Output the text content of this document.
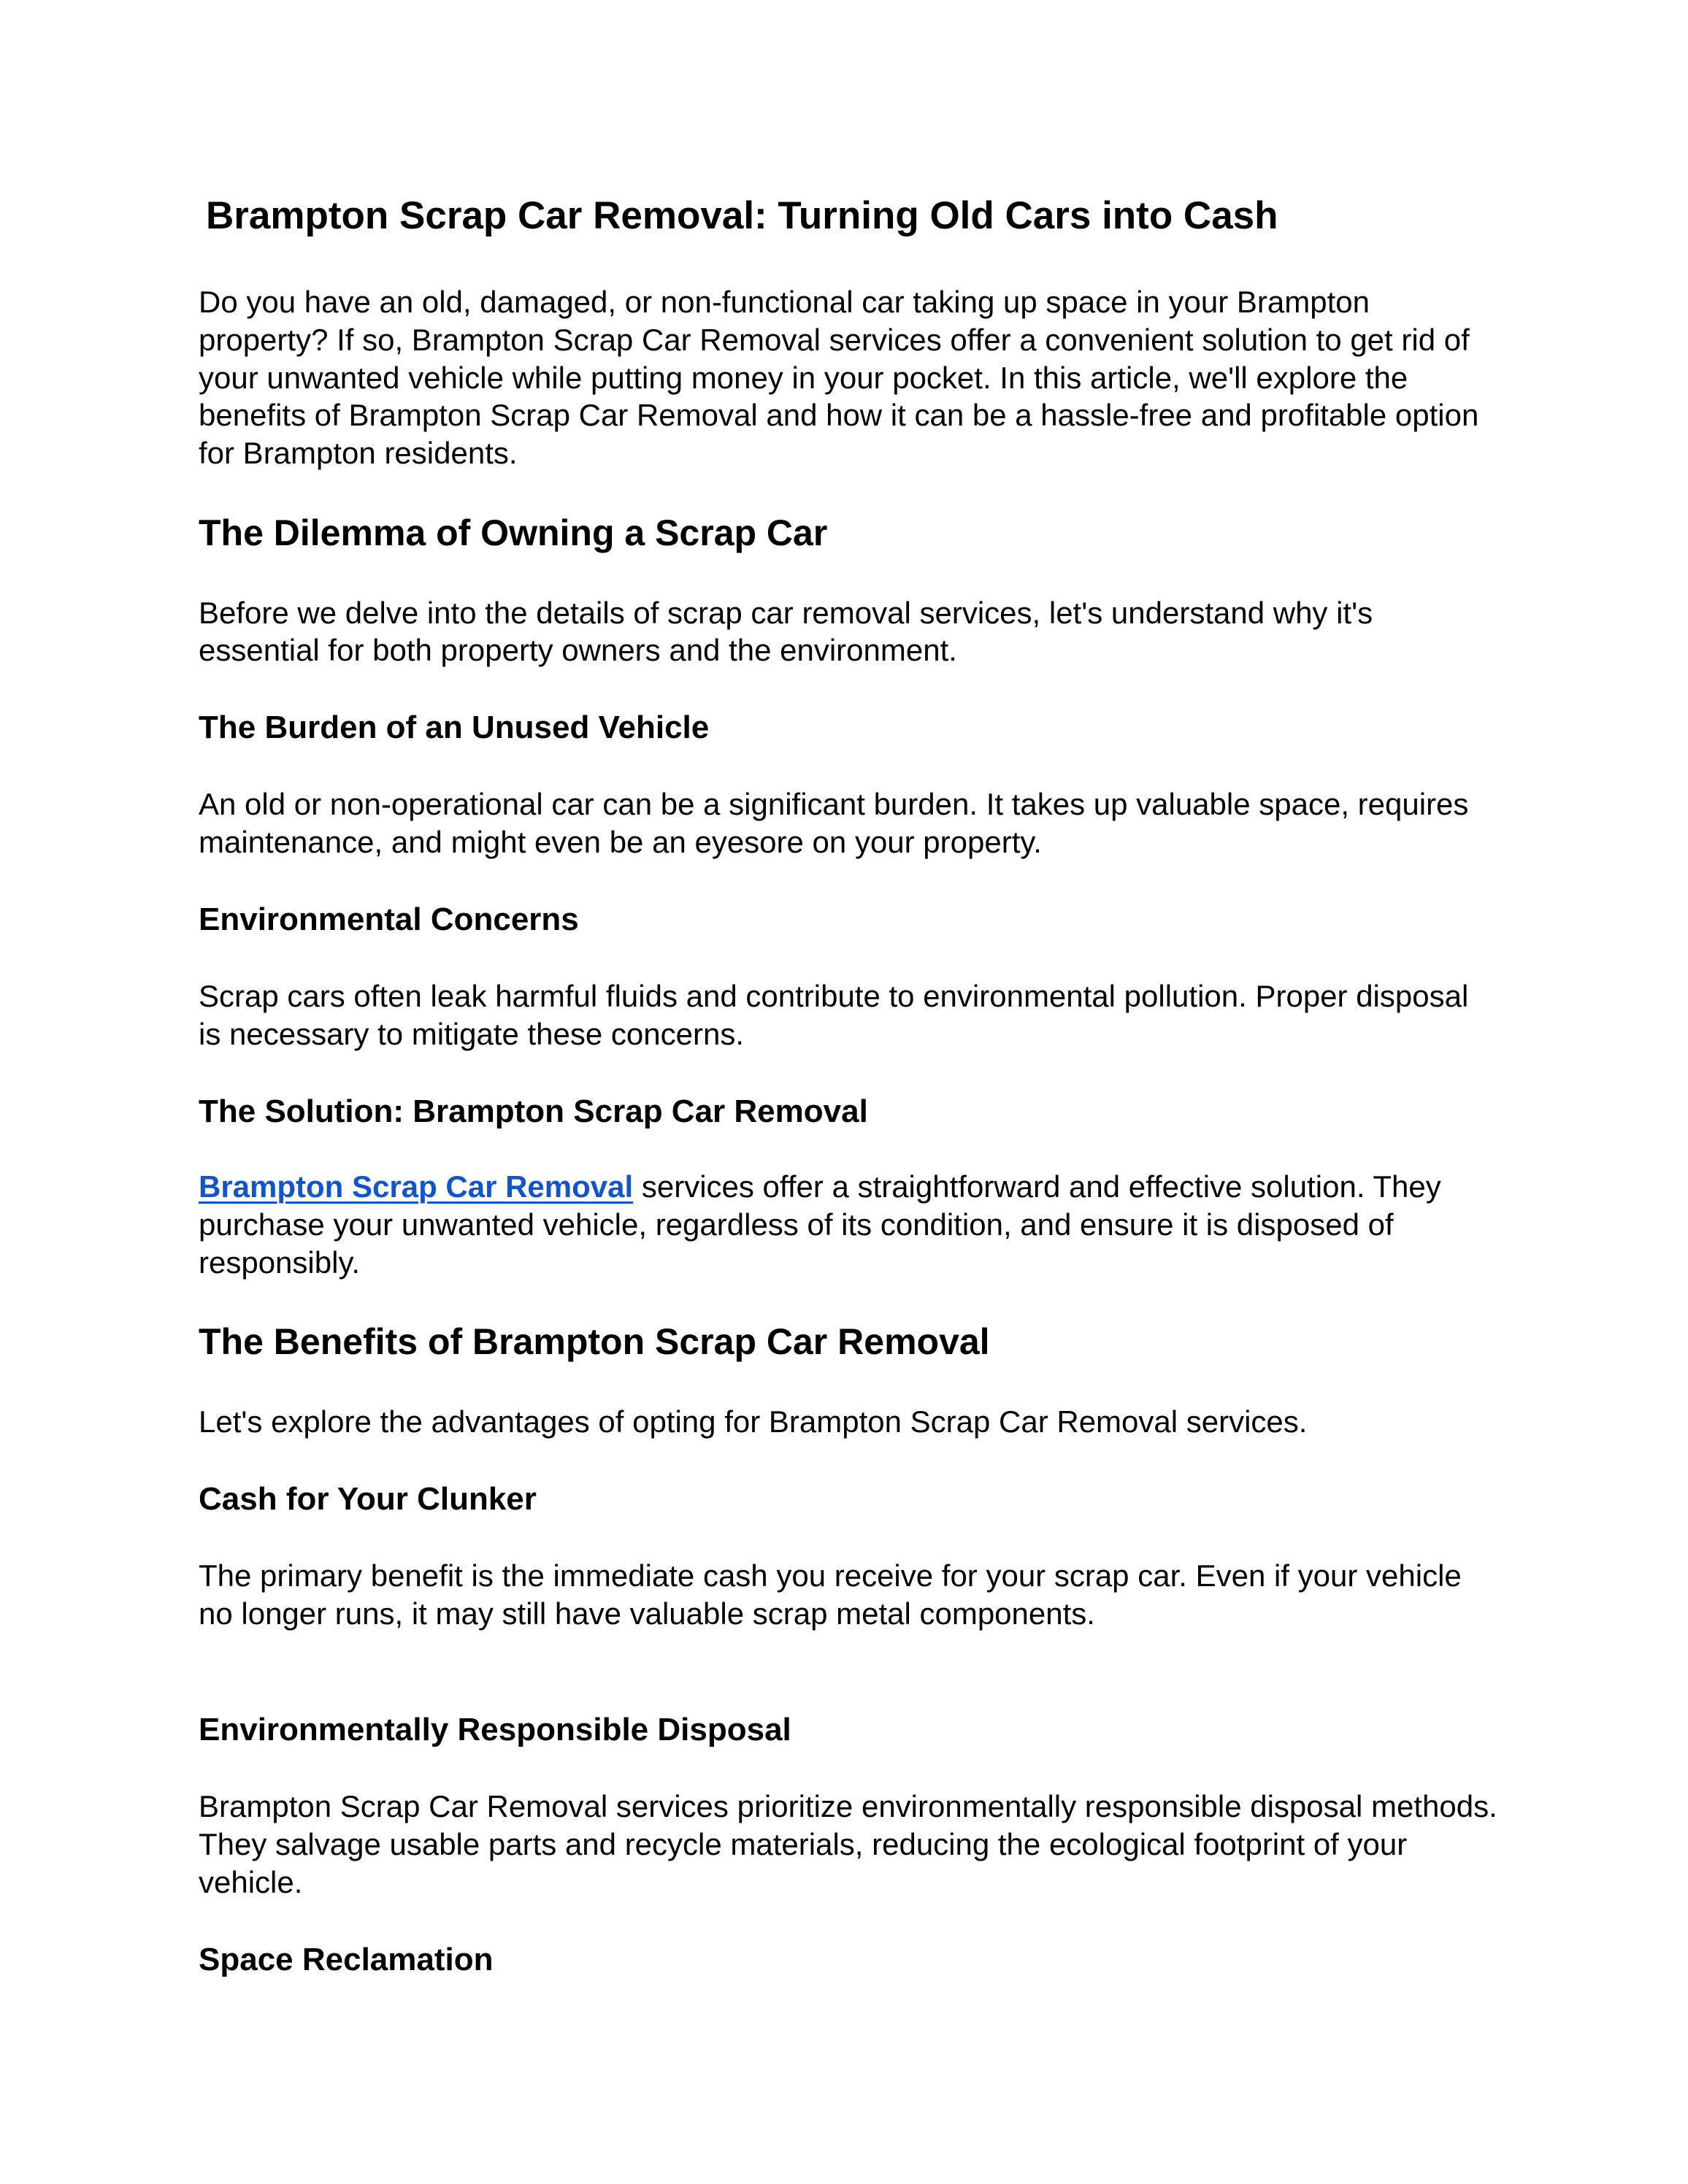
Brampton Scrap Car Removal: Turning Old Cars into Cash

Do you have an old, damaged, or non-functional car taking up space in your Brampton property? If so, Brampton Scrap Car Removal services offer a convenient solution to get rid of your unwanted vehicle while putting money in your pocket. In this article, we'll explore the benefits of Brampton Scrap Car Removal and how it can be a hassle-free and profitable option for Brampton residents.

The Dilemma of Owning a Scrap Car

Before we delve into the details of scrap car removal services, let's understand why it's essential for both property owners and the environment.

The Burden of an Unused Vehicle

An old or non-operational car can be a significant burden. It takes up valuable space, requires maintenance, and might even be an eyesore on your property.

Environmental Concerns

Scrap cars often leak harmful fluids and contribute to environmental pollution. Proper disposal is necessary to mitigate these concerns.

The Solution: Brampton Scrap Car Removal

Brampton Scrap Car Removal services offer a straightforward and effective solution. They purchase your unwanted vehicle, regardless of its condition, and ensure it is disposed of responsibly.

The Benefits of Brampton Scrap Car Removal

Let's explore the advantages of opting for Brampton Scrap Car Removal services.

Cash for Your Clunker

The primary benefit is the immediate cash you receive for your scrap car. Even if your vehicle no longer runs, it may still have valuable scrap metal components.

Environmentally Responsible Disposal

Brampton Scrap Car Removal services prioritize environmentally responsible disposal methods. They salvage usable parts and recycle materials, reducing the ecological footprint of your vehicle.

Space Reclamation
